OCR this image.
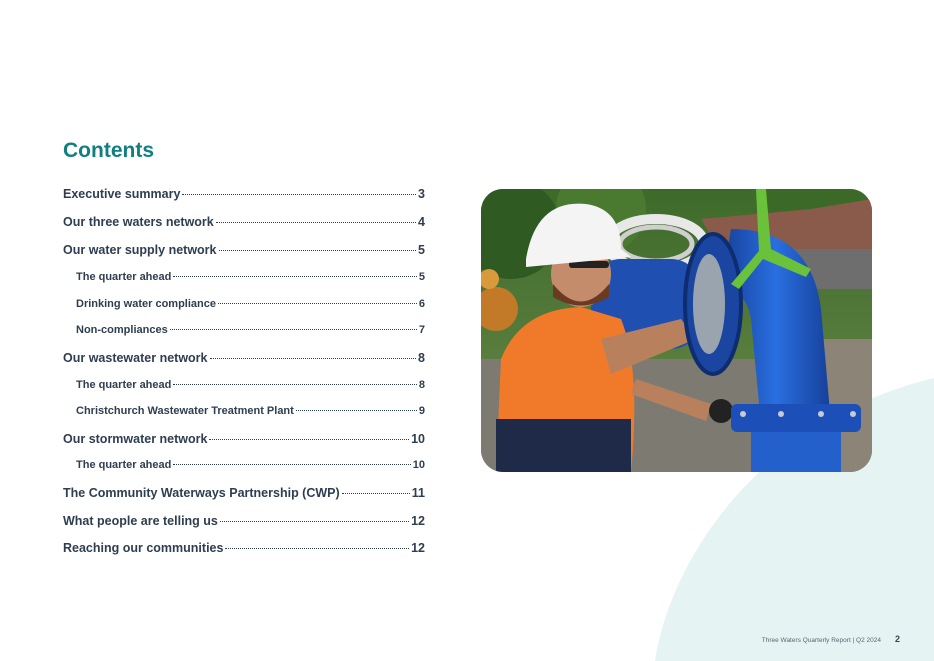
Contents
Executive summary	3
Our three waters network	4
Our water supply network	5
The quarter ahead	5
Drinking water compliance	6
Non-compliances	7
Our wastewater network	8
The quarter ahead	8
Christchurch Wastewater Treatment Plant	9
Our stormwater network	10
The quarter ahead	10
The Community Waterways Partnership (CWP)	11
What people are telling us	12
Reaching our communities	12
Three Waters Quarterly Report | Q2 2024 2
